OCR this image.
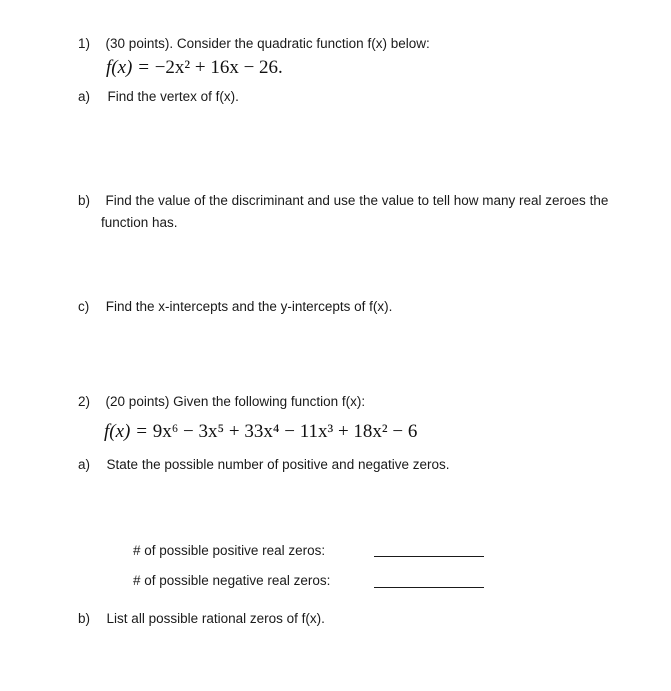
1) (30 points). Consider the quadratic function f(x) below:
f(x) = −2x² + 16x − 26.
a) Find the vertex of f(x).
b) Find the value of the discriminant and use the value to tell how many real zeroes the
function has.
c) Find the x-intercepts and the y-intercepts of f(x).
2) (20 points) Given the following function f(x):
f(x) = 9x⁶ − 3x⁵ + 33x⁴ − 11x³ + 18x² − 6
a) State the possible number of positive and negative zeros.
# of possible positive real zeros:
# of possible negative real zeros:
b) List all possible rational zeros of f(x).
